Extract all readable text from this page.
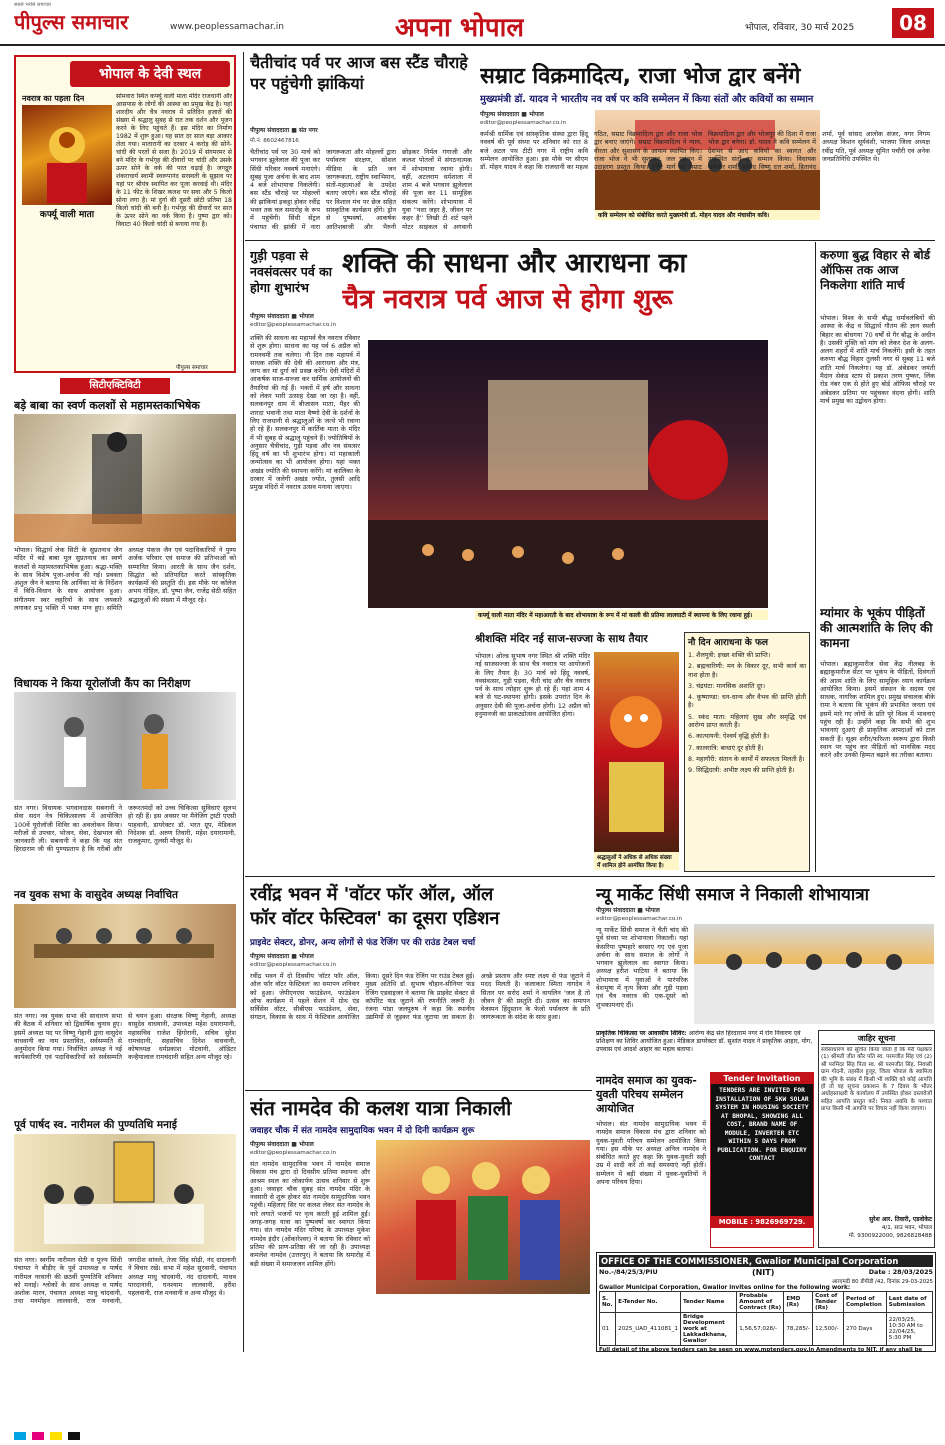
सबसे भरोसे समाचार
पीपुल्स समाचार	www.peoplessamachar.in	अपना भोपाल	भोपाल, रविवार, 30 मार्च 2025	08
भोपाल के देवी स्थल
नवरात्र का पहला दिन
कर्फ्यू वाली माता
सोमवारा स्थित कर्फ्यू वाली माता मंदिर राजधानी और आसपास के लोगों की आस्था का प्रमुख केंद्र है। यहां शारदीय और चैत्र नवरात्र में प्रतिदिन हजारों की संख्या में श्रद्धालु सुबह से रात तक दर्शन और पूजन करने के लिए पहुंचते हैं। इस मंदिर का निर्माण 1982 में शुरू हुआ। यह सात दर साल बड़ा आकार लेता गया। मातारानी का दरबार 4 करोड़ की सोने-चांदी की परतों से सजा है। 2019 में संगमरमर से बने मंदिर के गर्भगृह की दीवारों पर चांदी और उसके ऊपर सोने के वर्क की परत चढ़ाई है। जगद्गुरु शंकराचार्य स्वामी स्वरूपानंद सरस्वती के सुझाव पर यहां पर श्रीयंत्र स्थापित कर पूजा करवाई थी। मंदिर के 11 फीट के शिखर कलश पर सवा और 5 किलो सोना लगा है। मां दुर्गा की दूसरी छोटी प्रतिमा 18 किलो चांदी की बनी है। गर्भगृह की दीवारों पर सात के ऊपर सोने का वर्क किया है। पुष्पा द्वार को। विवाटा 40 किलो चांदी से बनाया गया है।
पीपुल्स समाचार
सिटीएक्टिविटी
बड़े बाबा का स्वर्ण कलशों से महामस्तकाभिषेक
भोपाल। सिद्धार्थ लेक सिटी के सुप्रतनाथ जैन मंदिर में बड़े बाबा मूल सुप्रतनाथ का स्वर्ण कलशों से महामस्तकाभिषेक हुआ। श्रद्धा-भक्ति के साथ विशेष पूजा-अर्चना की गई। प्रवक्ता अंशुल जैन ने बताया कि आर्यिका मां के निर्देशन में विधि-विधान के साथ आयोजन हुआ। संगीतमय स्वर लहरियों के साथ जयकारे लगाकर प्रभु भक्ति में भक्त मग्न हुए। समिति अध्यक्ष पंकज जैन एवं पदाधिकारियों ने पुण्य अर्जक परिवार एवं समाज की प्रतिभाओं को सम्मानित किया। आरती के साथ जैन दर्शन, सिद्धांत को प्रतिपादित करते सांस्कृतिक कार्यक्रमों की प्रस्तुति दी। इस मौके पर कॉलेज अभय गोहिल, डॉ. पुष्पा जैन, राजेंद्र सेठी सहित श्रद्धालुओं की संख्या में मौजूद रहे।
विधायक ने किया यूरोलॉजी कैंप का निरीक्षण
संत नगर। विधायक भगवानदास सबनानी ने सेवा सदन नेत्र चिकित्सालय में आयोजित 100वें यूरोलॉजी शिविर का अवलोकन किया। मरीजों से उपचार, भोजन, सेवा, देखभाल की जानकारी ली। सबनानी ने कहा कि यह संत हिरदाराम जी की पुण्यप्रताप है कि गरीबों और जरूरतमंदों को उच्च चिकित्सा सुविधाएं सुलभ हो रही हैं। इस अवसर पर मैनेजिंग ट्रस्टी एएसी पाहवानी, डायरेक्टर डॉ. भरत ग्रूप, मेडिकल निदेशक डॉ. अरुण तिवारी, महेश दयारामानी, राजकुमार, तुलसी मौजूद थे।
नव युवक सभा के वासुदेव अध्यक्ष निर्वाचित
संत नगर। नव युवक सभा की साधारण सभा की बैठक में शनिवार को द्विवार्षिक चुनाव हुए। इसमें अध्यक्ष पद पर विष्णु गेहानी द्वारा वासुदेव वाधवानी का नाम प्रस्तावित, सर्वसम्मति से अनुमोदन किया गया। निर्वाचित अध्यक्ष ने नई कार्यकारिणी एवं पदाधिकारियों को सर्वसम्मति से चयन हुआ। संरक्षक विष्णु गेहानी, अध्यक्ष वासुदेव वाधवानी, उपाध्यक्ष महेश दयारामानी, महासचिव राजेश हिंगोरानी, सचिव सुरेश रामचंदानी, सहसचिव दिनेश वाधवानी, कोषाध्यक्ष धर्मप्रकाश मोटवानी, ऑडिटर कन्हैयालाल रामचंदानी सहित अन्य मौजूद रहे।
पूर्व पार्षद स्व. नारीमल की पुण्यतिथि मनाई
संत नगर। स्वर्गीय नारीमल सेठी व पूज्य सिंधी पंचायत ने बीड़ीए के पूर्व उपाध्यक्ष व पार्षद नारीमल नरवानी की छठवीं पुण्यतिथि शनिवार को मनाई। श्लोकों के साथ अध्यक्ष व पार्षद अशोक मारन, पंचायत अध्यक्ष माधु चांदवानी, तथा मनमोहन लालवानी, राज मनवानी, जगदीश सांवले, तेजा सिंह सोढ़ी, नंद दादलानी ने विचार रखे। सभा में महेश सुरवानी, पंचायत अध्यक्ष माधु चांदवानी, नंद दादलानी, माधव पारदानानी, घनश्याम लालवानी, हरीश पहलवानी, राज मनवानी व अन्य मौजूद थे।
चैतीचांद पर्व पर आज बस स्टैंड चौराहे पर पहुंचेगी झांकियां
पीपुल्स संवाददाता ■ संत नगर
मो.नं. 8602467816
चैतीचांद पर्व पर 30 मार्च को भगवान झूलेलाल की पूजा कर सिंधी परिवार नववर्ष मनाएंगे। सुबह पूजा अर्चना के बाद शाम 4 बजे शोभायात्रा निकलेगी। बस स्टैंड चौराहे पर मोहल्लों की झांकियां इकट्ठा होकर रवींद्र भवन तक चल समारोह के रूप में पहुंचेंगी। सिंधी सेंट्रल पंचायत की झांकी में नारा जागरूकता और मोहल्लों द्वारा पर्यावरण संरक्षण, सोशल मीडिया के प्रति जन जागरूकता, राष्ट्रीय स्वाभिमान, संतों-महात्माओं के उपदेश बताए जाएंगे। बस स्टैंड चौराहे पर विशाल मंच पर छेज सहित सांस्कृतिक कार्यक्रम होंगे। ड्रोन से पुष्पवर्षा, आकर्षक आतिशबाजी और भैरुनी छोड़कर निर्मल गंगाजी और कलश पोतलों में संगठनात्मक में शोभायात्रा रवाना होगी। वहीं, अटलराम धर्मशाला में शाम 4 बजे भगवान झूलेलाल की पूजा कर 11 सामूहिक संकल्प करेंगे। शोभायात्रा में युवा ''नशा जहर है, जीवन पर कहर है'' लिखी टी शर्ट पहने मोटर साइकल से अगवानी
सम्राट विक्रमादित्य, राजा भोज द्वार बनेंगे
मुख्यमंत्री डॉ. यादव ने भारतीय नव वर्ष पर कवि सम्मेलन में किया संतों और कवियों का सम्मान
पीपुल्स संवाददाता ■ भोपाल
editor@peoplessamachar.co.in
कवि सम्मेलन को संबोधित करते मुख्यमंत्री डॉ. मोहन यादव और मंचासीन कवि।
कर्मश्री धार्मिक एवं सांस्कृतिक संस्था द्वारा हिंदू नववर्ष की पूर्व संध्या पर शनिवार को रात 8 बजे अटल पथ टीटी नगर में राष्ट्रीय कवि सम्मेलन आयोजित हुआ। इस मौके पर सीएम डॉ. मोहन यादव ने कहा कि राजधानी का महत्व गठित, सम्राट विक्रमादित्य द्वार और राजा भोज द्वार बनाए जाएंगे। सम्राट विक्रमादित्य ने न्याय, वीरता और सुशासन के आयाम स्थापित किए। राजा भोज ने भी सुशासन, जल प्रबंधन में उदाहरण प्रस्तुत किया। इंदौर मार्ग पर सम्राट विक्रमादित्य द्वार और भोजपुर की दिशा में राजा भोज द्वार बनेगा। डॉ. यादव ने कवि सम्मेलन में देशभर से आए कवियों का स्वागत और उपस्थित संतों का सम्मान किया। विधायक रामेश्वर शर्मा, सांसद विष्णु दत्त शर्मा, हितानंद शर्मा, पूर्व सांसद आलोक संजर, नगर निगम अध्यक्ष किशन सूर्यवंशी, भाजपा जिला अध्यक्ष रवींद्र यति, पूर्व अध्यक्ष सुमित पचौरी एवं अनेक जनप्रतिनिधि उपस्थित थे।
गुड़ी पड़वा से नवसंवत्सर पर्व का होगा शुभारंभ
पीपुल्स संवाददाता ■ भोपाल
editor@peoplessamachar.co.in
शक्ति की साधना और आराधना का
चैत्र नवरात्र पर्व आज से होगा शुरू
शक्ति की साधना का महापर्व चैत्र नवरात्र रविवार से शुरू होगा। साधना का यह पर्व 6 अप्रैल को रामनवमी तक चलेगा। नौ दिन तक महापर्व में साधक शक्ति की देवी की आराधना और मंत्र, जाप कर मां दुर्गा को प्रसन्न करेंगे। देवी मंदिरों में आकर्षक साज-सज्जा कर धार्मिक आयोजनों की तैयारियां की गई हैं। भक्तों में हर्ष और साधना को लेकर भारी उत्साह देखा जा रहा है। वहीं, सलकनपुर धाम में बीजासन माता, मैहर की शारदा भवानी तथा माता वैष्णो देवी के दर्शनों के लिए राजधानी से श्रद्धालुओं के जत्थे भी रवाना हो रहे हैं। सलकनपुर में कार्तिक माता के मंदिर में भी सुबह से श्रद्धालु पहुंचने हैं। ज्योतिषियों के अनुसार चैत्रीचांद, गुड़ी पड़वा और नव संवत्सर हिंदू वर्ष का भी शुभारंभ होगा। मां महाकाली जन्मोत्सव का भी आयोजन होगा। यहां भक्त अखंड ज्योति की स्थापना करेंगे। मां कालिका के दरबार में जलेगी अखंड ज्योत, तुलसी आदि प्रमुख मंदिरों में नवरात्र उत्सव मनाया जाएगा।
कर्फ्यू वाली माता मंदिर में महाआरती के बाद शोभायात्रा के रूप में मां काली की प्रतिमा लालघाटी में स्थापना के लिए रवाना हुई।
श्रीशक्ति मंदिर नई साज-सज्जा के साथ तैयार
भोपाल। ओल्ड सुभाष नगर स्थित श्री शक्ति मंदिर नई साजसज्जा के साथ चैत्र नवरात्र पर आयोजनों के लिए तैयार है। 30 मार्च को हिंदू नववर्ष, नवसंवत्सर, गुड़ी पड़वा, चैती चांद और चैत्र नवरात्र पर्व के साथ त्योहार शुरू हो रहे हैं। यहां शाम 4 बजे से घट-स्थापना होगी। इसके उपरांत दिन के अनुसार देवी की पूजा-अर्चना होगी। 12 अप्रैल को हनुमानजी का प्राकट्योत्सव आयोजित होगा।
श्रद्धालुओं ने अधिक से अधिक संख्या में शामिल होने आमंत्रित किया है।
नौ दिन आराधना के फल
1. शैलपुत्री: इच्छा शक्ति की प्राप्ति।
2. ब्रह्मचारिणी: मन के विकार दूर, सभी कार्य का नाश होता है।
3. चंद्रघंटा: मानसिक अशांति दूर।
4. कूष्माण्डा: धन-धान्य और वैभव की प्राप्ति होती है।
5. स्कंद माता: महिलाएं सुख और समृद्धि एवं आरोग्य प्राप्त करती हैं।
6. कात्यायनी: ऐश्वर्य वृद्धि होती है।
7. कालरात्रि: बाधाएं दूर होती हैं।
8. महागौरी: संतान के कार्यों में सफलता मिलती है।
9. सिद्धिदात्री: अभीष्ट लक्ष्य की प्राप्ति होती है।
करुणा बुद्ध विहार से बोर्ड ऑफिस तक आज निकलेगा शांति मार्च
भोपाल। विश्व के सभी बौद्ध धर्मावलंबियों की आस्था के केंद्र व सिद्धार्थ गौतम की ज्ञान स्थली बिहार का बोधगया 70 वर्षों से गैर बौद्ध के अधीन है। उसकी मुक्ति को मांग को लेकर देश के अलग-अलग शहरों में शांति मार्च निकलेंगे। इसी के तहत करुणा बौद्ध विहार तुलसी नगर से सुबह 11 बजे शांति मार्च निकलेगा। यह डॉ. अंबेडकर जयंती मैदान सेकंड स्टाप से प्रकाश तरण पुष्कर, लिंक रोड नंबर एक से होते हुए बोर्ड ऑफिस चौराहे पर अंबेडकर प्रतिमा पर पहुंचकर वंदना होगी। शांति मार्च प्रमुख का उद्बोधन होगा।
म्यांमार के भूकंप पीड़ितों की आत्मशांति के लिए की कामना
भोपाल। ब्रह्माकुमारीज सेवा केंद्र नीलबड़ के ब्रह्माकुमारीज सेंटर पर भूकंप के पीड़ितों, दिवंगतों की आत्म शांति के लिए सामूहिक ध्यान कार्यक्रम आयोजित किया। इसमें संस्थान के सदस्य एवं साधक, नागरिक शामिल हुए। प्रमुख संचालक बीके रामा ने बताया कि भूकंप की प्रभावित जनता एवं इसमें मारे गए लोगों के प्रति पूरे विश्व में भावनाएं पहुंच रही हैं। उन्होंने कहा कि सभी की शुभ भावनाएं दुआएं ही प्राकृतिक आपदाओं को टाल सकती हैं। सूक्ष्म शरीर/फरिश्ता स्वरूप द्वारा किसी स्थान पर पहुंच कर पीड़ितों को मानसिक मदद करने और उनकी हिम्मत बढ़ाने का तरीका बताया।
रवींद्र भवन में 'वॉटर फॉर ऑल, ऑल
फॉर वॉटर फेस्टिवल' का दूसरा एडिशन
प्राइवेट सेक्टर, डोनर, अन्य लोगों से फंड रेजिंग पर की राउंड टेबल चर्चा
पीपुल्स संवाददाता ■ भोपाल
editor@peoplessamachar.co.in
रवींद्र भवन में दो दिवसीय 'वॉटर फॉर ऑल, ऑल फॉर वॉटर फेस्टिवल' का समापन शनिवार को हुआ। जेपीएनएस फाउंडेशन, फाउंडेशन ऑफ कार्यक्रम में पहले सेशन में ग्रोथ एंड सर्विसेस वॉटर, सीबीएस फाउंडेशन, सेवा, संगठन, विकास के साथ में फेस्टिवल आयोजित किया। दूसरे दिन फंड रेजिंग पर राउंड टेबल हुई। मुख्य अतिथि डॉ. सुभाष चौहान-सीनियर फंड रेजिंग एडवाइजर ने बताया कि प्राइवेट सेक्टर से कॉर्पोरेट फंड जुटाने की रणनीति जरूरी है। रंजना पांडा जलपुरुष ने कहा कि स्थानीय उद्यमियों से जुड़कर फंड जुटाया जा सकता है। अच्छे प्रस्ताव और स्पष्ट लक्ष्य से फंड जुटाने में मदद मिलती है। कलाकार स्मिता नागदेव ने सितार पर सरोद शर्मा ने वायलिन 'जल है तो जीवन है' की प्रस्तुति दी। उत्सव का समापन वेलस्पन हिंदुस्तान के फेलो पर्यावरण के प्रति जागरूकता के संदेश के साथ हुआ।
न्यू मार्केट सिंधी समाज ने निकाली शोभायात्रा
पीपुल्स संवाददाता ■ भोपाल
editor@peoplessamachar.co.in
न्यू मार्केट सिंधी समाज ने चैती चांद की पूर्व संध्या पर शोभायात्रा निकाली। यहां केसरिया पुष्पहारे बरसाए गए एवं पूजा अर्चना के साथ समाज के लोगों ने भगवान झूलेलाल का स्वागत किया। अध्यक्ष हरीश भाटिया ने बताया कि शोभायात्रा में युवाओं ने पारंपरिक वेशभूषा में नृत्य किया और गुड़ी पड़वा एवं चैत्र नवरात्र की एक-दूसरे को शुभकामनाएं दीं।
प्राकृतिक चिकित्सा पर आवासीय शिविर: आरोग्य केंद्र संत हिरदाराम नगर में रोग निवारण एवं प्रशिक्षण का शिविर आयोजित हुआ। मेडिकल डायरेक्टर डॉ. सुशांत यादव ने प्राकृतिक आहार, योग, उपवास एवं आदर्श आहार का महत्व बताया।
नामदेव समाज का युवक-युवती परिचय सम्मेलन आयोजित
भोपाल। संत नामदेव सामुदायिक भवन में नामदेव समाज विकास मंच द्वारा शनिवार को युवक-युवती परिचय सम्मेलन आयोजित किया गया। इस मौके पर अध्यक्ष अनिल नामदेव ने संबोधित करते हुए कहा कि युवक-युवती सही उम्र में शादी करें तो कई समस्याएं नहीं होतीं। सम्मेलन में बड़ी संख्या में युवक-युवतियों ने अपना परिचय दिया।
Tender Invitation
TENDERS ARE INVITED FOR INSTALLATION OF 5KW SOLAR SYSTEM IN HOUSING SOCIETY AT BHOPAL, SHOWING ALL COST, BRAND NAME OF MODULE, INVERTER ETC WITHIN 5 DAYS FROM PUBLICATION. FOR ENQUIRY CONTACT
MOBILE : 9826969729.
जाहिर सूचना
सर्वसाधारण को सूचित किया जाता है कि मेरी पक्षकार (1) श्रीमती जीत कौर पति स्व. परमजीत सिंह एवं (2) श्री परमिंदर सिंह पिता स्व. श्री परमजीत सिंह, निवासी ग्राम गोदनी, तहसील हुजूर, जिला भोपाल के स्वामित्व की भूमि के संबंध में किसी भी व्यक्ति को कोई आपत्ति हो तो वह सूचना प्रकाशन के 7 दिवस के भीतर अधोहस्ताक्षरी के कार्यालय में उपस्थित होकर दस्तावेजों सहित आपत्ति प्रस्तुत करें। नियत अवधि के पश्चात प्राप्त किसी भी आपत्ति पर विचार नहीं किया जाएगा।
सुरेश आर. तिवारी, एडवोकेट
4/1, साउ भवन, भोपाल
मो. 9300922000, 9826828488
संत नामदेव की कलश यात्रा निकाली
जवाहर चौक में संत नामदेव सामुदायिक भवन में दो दिनी कार्यक्रम शुरू
पीपुल्स संवाददाता ■ भोपाल
editor@peoplessamachar.co.in
संत नामदेव सामुदायिक भवन में नामदेव समाज विकास मंच द्वारा दो दिवसीय प्रतिमा स्थापना और आश्रम स्थल का लोकार्पण उत्सव शनिवार से शुरू हुआ। जवाहर चौक सुबह संत नामदेव मंदिर के नवसारी से शुरू होकर संत नामदेव सामुदायिक भवन पहुंची। महिलाएं सिर पर कलश लेकर संत नामदेव के नारे लगाते भजनों पर नृत्य करती हुई शामिल हुईं। जगह-जगह यात्रा का पुष्पवर्षा कर स्वागत किया गया। संत नामदेव मंदिर परिषद के उपाध्यक्ष मुकेश नामदेव इंदौर (ओंकारेश्वर) ने बताया कि रविवार को प्रतिमा की प्राण-प्रतिष्ठा की जा रही है। उपाध्यक्ष कमलेश नामदेव (उत्तरपुर) ने बताया कि समारोह में बड़ी संख्या में समाजजन शामिल होंगे।	OFFICE OF THE COMMISSIONER, Gwalior Municipal Corporation
No.-/84/25/3/PIU	(NIT)	Date : 28/03/2025
आरएमडी 80 डीपीडी /42, दिनांक 29-03-2025
Gwalior Municipal Corporation, Gwalior invites online for the following work:
S. No.	E-Tender No.	Tender Name	Probable Amount of Contract (Rs)	EMD (Rs)	Cost of Tender (Rs)	Period of Completion	Last date of Submission
01	2025_UAD_411081_1	Bridge Development work at Lakkadkhana, Gwalior	1,56,57,028/-	78,285/-	12,500/-	270 Days	22/03/25, 10:30 AM to 22/04/25, 5:30 PM
Full detail of the above tenders can be seen on www.mptenders.gov.in Amendments to NIT, if any shall be
